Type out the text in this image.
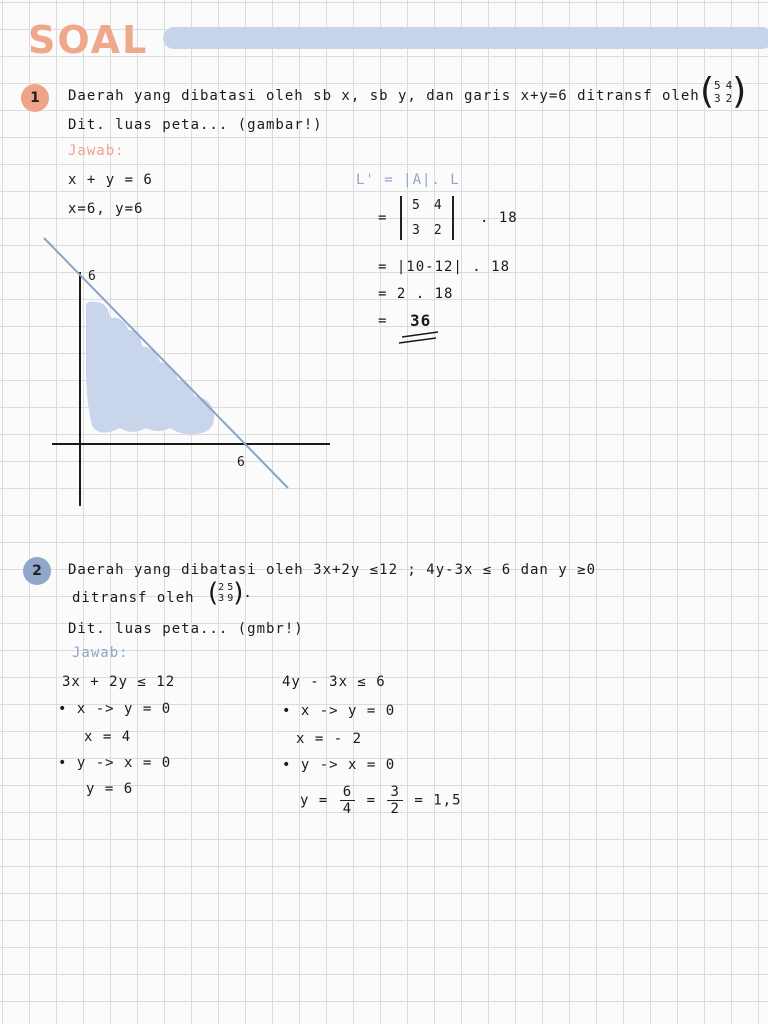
SOAL
1	Daerah yang dibatasi oleh sb x, sb y, dan garis x+y=6 ditransf oleh ( 5 4
3 2 )
Dit. luas peta... (gambar!)
Jawab:
x + y = 6
x=6, y=6
6
6
L' = |A|. L
=
5 4
3 2
. 18
= |10-12| . 18
= 2 . 18
= 36
2	Daerah yang dibatasi oleh 3x+2y ≤12 ; 4y-3x ≤ 6 dan y ≥0
ditransf oleh ( 2 5
3 9 ) .
Dit. luas peta... (gmbr!)
Jawab:
3x + 2y ≤ 12
• x -> y = 0
x = 4
• y -> x = 0
y = 6
4y - 3x ≤ 6
• x -> y = 0
x = - 2
• y -> x = 0
$y = \frac{6}{4} = \frac{3}{2} = 1,5$
